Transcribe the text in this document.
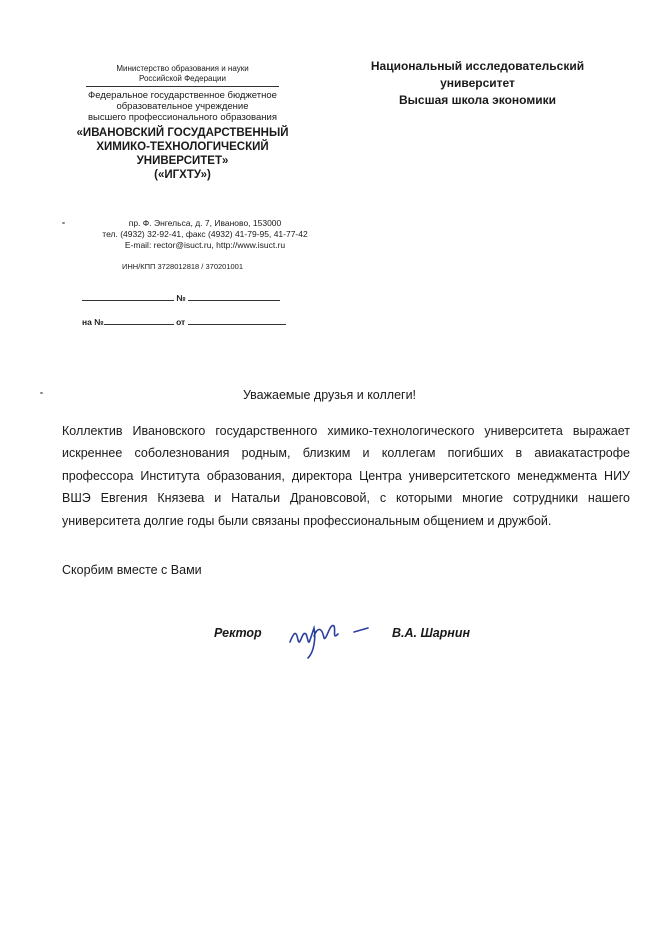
Министерство образования и науки
Российской Федерации
Федеральное государственное бюджетное
образовательное учреждение
высшего профессионального образования
«ИВАНОВСКИЙ ГОСУДАРСТВЕННЫЙ
ХИМИКО-ТЕХНОЛОГИЧЕСКИЙ
УНИВЕРСИТЕТ»
(«ИГХТУ»)
пр. Ф. Энгельса, д. 7, Иваново, 153000
тел. (4932) 32-92-41, факс (4932) 41-79-95, 41-77-42
E-mail: rector@isuct.ru, http://www.isuct.ru
ИНН/КПП 3728012818 / 370201001
№
на №	от
Национальный исследовательский
университет
Высшая школа экономики
Уважаемые друзья и коллеги!
Коллектив Ивановского государственного химико-технологического университета выражает искреннее соболезнования родным, близким и коллегам погибших в авиакатастрофе профессора Института образования, директора Центра университетского менеджмента НИУ ВШЭ Евгения Князева и Натальи Драновсовой, с которыми многие сотрудники нашего университета долгие годы были связаны профессиональным общением и дружбой.
Скорбим вместе с Вами
Ректор	В.А. Шарнин
